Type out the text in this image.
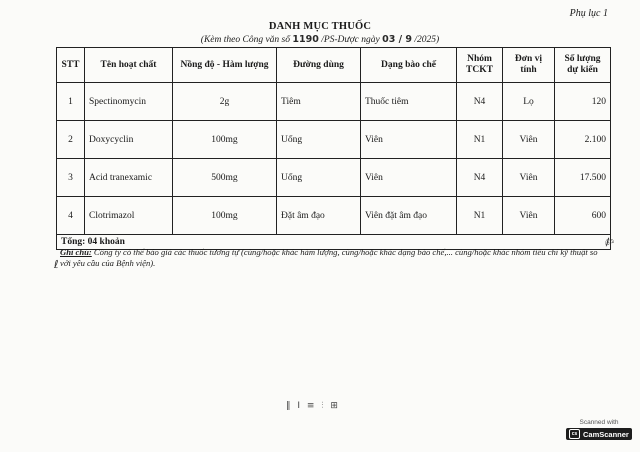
Phụ lục 1
DANH MỤC THUỐC
(Kèm theo Công văn số 1190 /PS-Dược ngày 03 / 9 /2025)
STT	Tên hoạt chất	Nồng độ - Hàm lượng	Đường dùng	Dạng bào chế	Nhóm TCKT	Đơn vị tính	Số lượng dự kiến
1	Spectinomycin	2g	Tiêm	Thuốc tiêm	N4	Lọ	120
2	Doxycyclin	100mg	Uống	Viên	N1	Viên	2.100
3	Acid tranexamic	500mg	Uống	Viên	N4	Viên	17.500
4	Clotrimazol	100mg	Đặt âm đạo	Viên đặt âm đạo	N1	Viên	600
Tổng: 04 khoản							
Ghi chú: Công ty có thể báo giá các thuốc tương tự (cùng/hoặc khác hàm lượng, cùng/hoặc khác dạng bào chế,... cùng/hoặc khác nhóm tiêu chí kỹ thuật so với yêu cầu của Bệnh viện).
✍
ℓ
‖ I ≡ ⫶ ⊞
Scanned with
cs CamScanner
